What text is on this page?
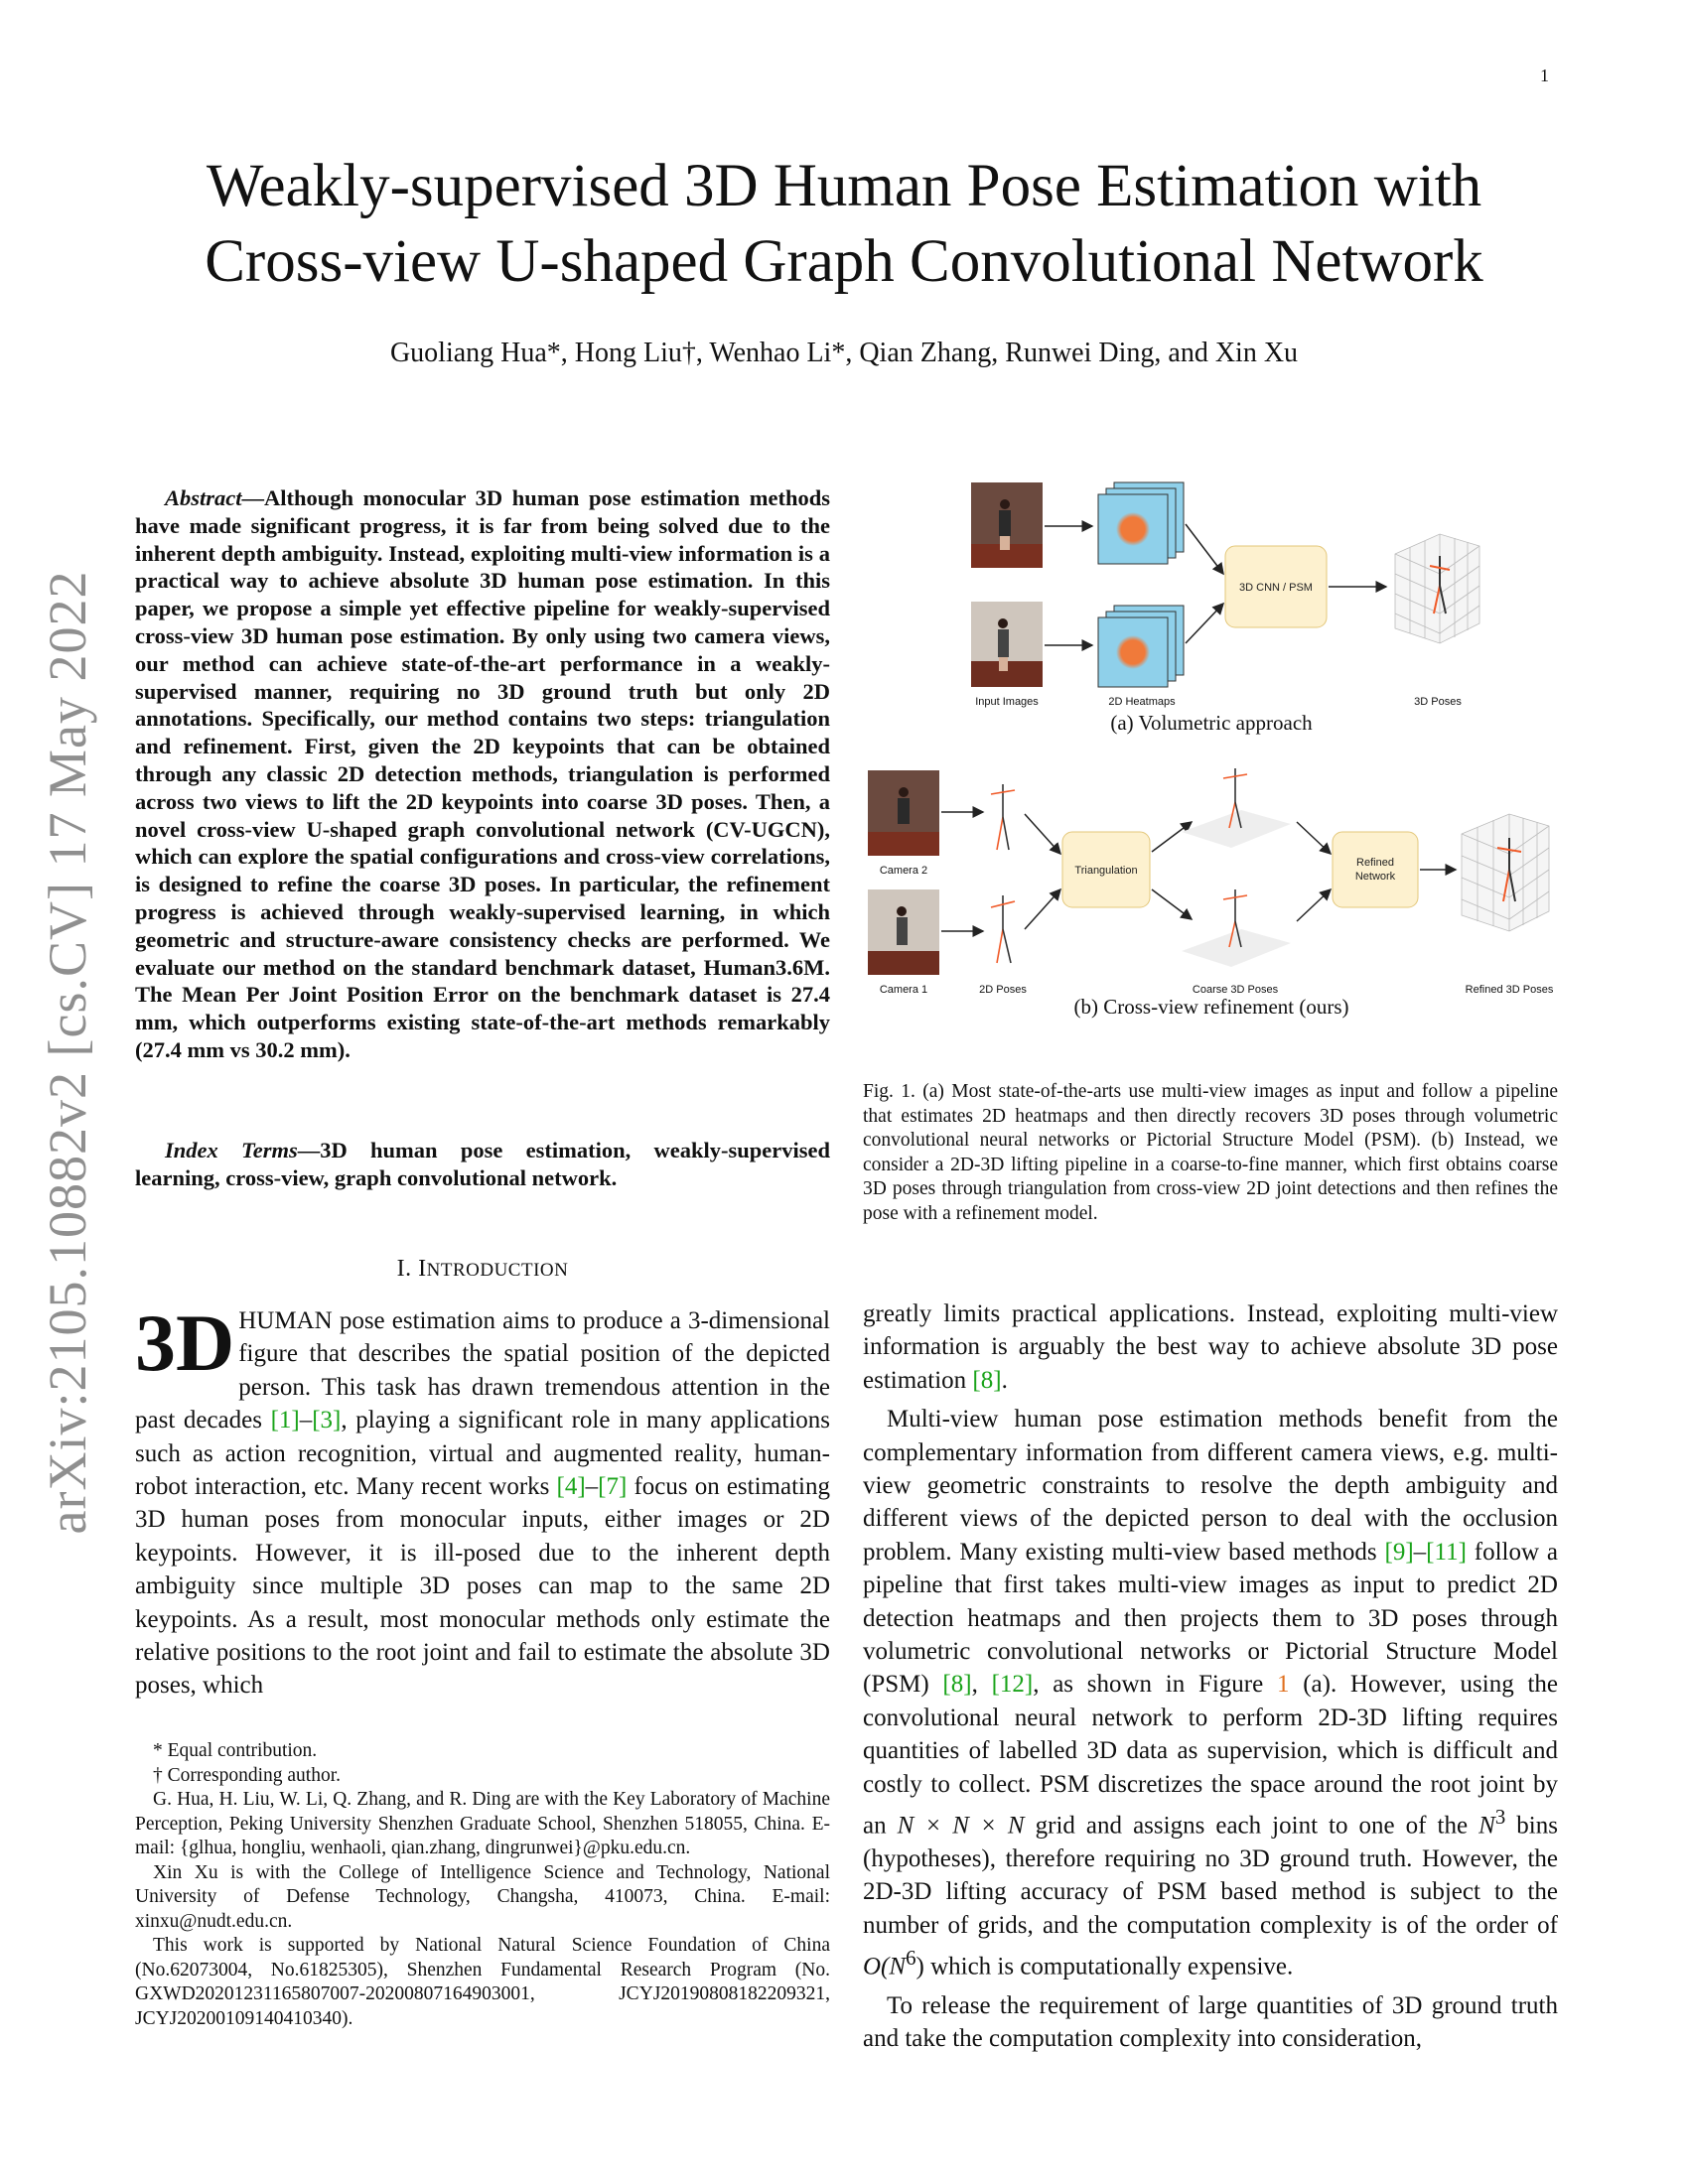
1
arXiv:2105.10882v2 [cs.CV] 17 May 2022
Weakly-supervised 3D Human Pose Estimation with
Cross-view U-shaped Graph Convolutional Network
Guoliang Hua*, Hong Liu†, Wenhao Li*, Qian Zhang, Runwei Ding, and Xin Xu

Abstract—Although monocular 3D human pose estimation methods have made significant progress, it is far from being solved due to the inherent depth ambiguity. Instead, exploiting multi-view information is a practical way to achieve absolute 3D human pose estimation. In this paper, we propose a simple yet effective pipeline for weakly-supervised cross-view 3D human pose estimation. By only using two camera views, our method can achieve state-of-the-art performance in a weakly-supervised manner, requiring no 3D ground truth but only 2D annotations. Specifically, our method contains two steps: triangulation and refinement. First, given the 2D keypoints that can be obtained through any classic 2D detection methods, triangulation is performed across two views to lift the 2D keypoints into coarse 3D poses. Then, a novel cross-view U-shaped graph convolutional network (CV-UGCN), which can explore the spatial configurations and cross-view correlations, is designed to refine the coarse 3D poses. In particular, the refinement progress is achieved through weakly-supervised learning, in which geometric and structure-aware consistency checks are performed. We evaluate our method on the standard benchmark dataset, Human3.6M. The Mean Per Joint Position Error on the benchmark dataset is 27.4 mm, which outperforms existing state-of-the-art methods remarkably (27.4 mm vs 30.2 mm).

Index Terms—3D human pose estimation, weakly-supervised learning, cross-view, graph convolutional network.

I. INTRODUCTION

3D HUMAN pose estimation aims to produce a 3-dimensional figure that describes the spatial position of the depicted person. This task has drawn tremendous attention in the past decades [1]–[3], playing a significant role in many applications such as action recognition, virtual and augmented reality, human-robot interaction, etc. Many recent works [4]–[7] focus on estimating 3D human poses from monocular inputs, either images or 2D keypoints. However, it is ill-posed due to the inherent depth ambiguity since multiple 3D poses can map to the same 2D keypoints. As a result, most monocular methods only estimate the relative positions to the root joint and fail to estimate the absolute 3D poses, which

* Equal contribution.

† Corresponding author.

G. Hua, H. Liu, W. Li, Q. Zhang, and R. Ding are with the Key Laboratory of Machine Perception, Peking University Shenzhen Graduate School, Shenzhen 518055, China. E-mail: {glhua, hongliu, wenhaoli, qian.zhang, dingrunwei}@pku.edu.cn.

Xin Xu is with the College of Intelligence Science and Technology, National University of Defense Technology, Changsha, 410073, China. E-mail: xinxu@nudt.edu.cn.

This work is supported by National Natural Science Foundation of China (No.62073004, No.61825305), Shenzhen Fundamental Research Program (No. GXWD20201231165807007-20200807164903001, JCYJ20190808182209321, JCYJ20200109140410340).

3D CNN / PSM
Input Images	2D Heatmaps	3D Poses
Camera 2
Camera 1	2D Poses
Triangulation
Coarse 3D Poses
Refined
Network
Refined 3D Poses
(a) Volumetric approach
(b) Cross-view refinement (ours)

Fig. 1. (a) Most state-of-the-arts use multi-view images as input and follow a pipeline that estimates 2D heatmaps and then directly recovers 3D poses through volumetric convolutional neural networks or Pictorial Structure Model (PSM). (b) Instead, we consider a 2D-3D lifting pipeline in a coarse-to-fine manner, which first obtains coarse 3D poses through triangulation from cross-view 2D joint detections and then refines the pose with a refinement model.

greatly limits practical applications. Instead, exploiting multi-view information is arguably the best way to achieve absolute 3D pose estimation [8].

Multi-view human pose estimation methods benefit from the complementary information from different camera views, e.g. multi-view geometric constraints to resolve the depth ambiguity and different views of the depicted person to deal with the occlusion problem. Many existing multi-view based methods [9]–[11] follow a pipeline that first takes multi-view images as input to predict 2D detection heatmaps and then projects them to 3D poses through volumetric convolutional networks or Pictorial Structure Model (PSM) [8], [12], as shown in Figure 1 (a). However, using the convolutional neural network to perform 2D-3D lifting requires quantities of labelled 3D data as supervision, which is difficult and costly to collect. PSM discretizes the space around the root joint by an N × N × N grid and assigns each joint to one of the $N^3$ bins (hypotheses), therefore requiring no 3D ground truth. However, the 2D-3D lifting accuracy of PSM based method is subject to the number of grids, and the computation complexity is of the order of $O(N^6)$ which is computationally expensive.

To release the requirement of large quantities of 3D ground truth and take the computation complexity into consideration,
